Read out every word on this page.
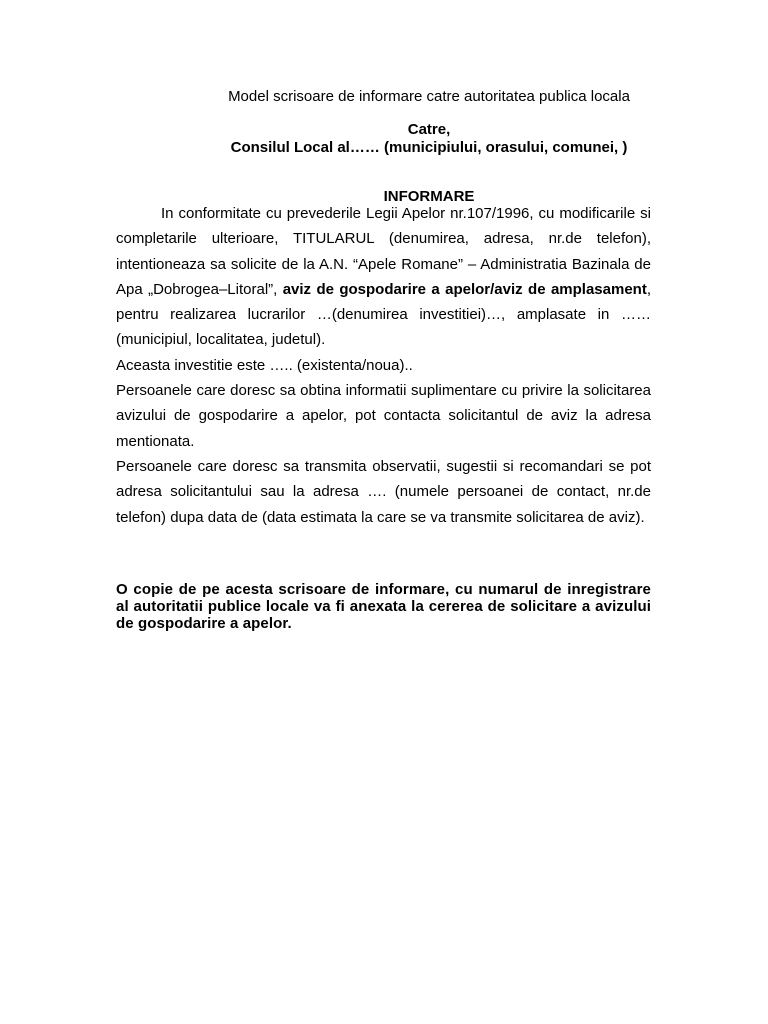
Model scrisoare de informare catre autoritatea publica locala
Catre,
Consilul Local al…… (municipiului, orasului, comunei, )
INFORMARE

In conformitate cu prevederile Legii Apelor nr.107/1996, cu modificarile si completarile ulterioare, TITULARUL (denumirea, adresa, nr.de telefon), intentioneaza sa solicite de la A.N. “Apele Romane” – Administratia Bazinala de Apa „Dobrogea–Litoral”, aviz de gospodarire a apelor/aviz de amplasament, pentru realizarea lucrarilor …(denumirea investitiei)…, amplasate in ……(municipiul, localitatea, judetul).

Aceasta investitie este ….. (existenta/noua)..

Persoanele care doresc sa obtina informatii suplimentare cu privire la solicitarea avizului de gospodarire a apelor, pot contacta solicitantul de aviz la adresa mentionata.

Persoanele care doresc sa transmita observatii, sugestii si recomandari se pot adresa solicitantului sau la adresa …. (numele persoanei de contact, nr.de telefon) dupa data de (data estimata la care se va transmite solicitarea de aviz).

O copie de pe acesta scrisoare de informare, cu numarul de inregistrare al autoritatii publice locale va fi anexata la cererea de solicitare a avizului de gospodarire a apelor.
